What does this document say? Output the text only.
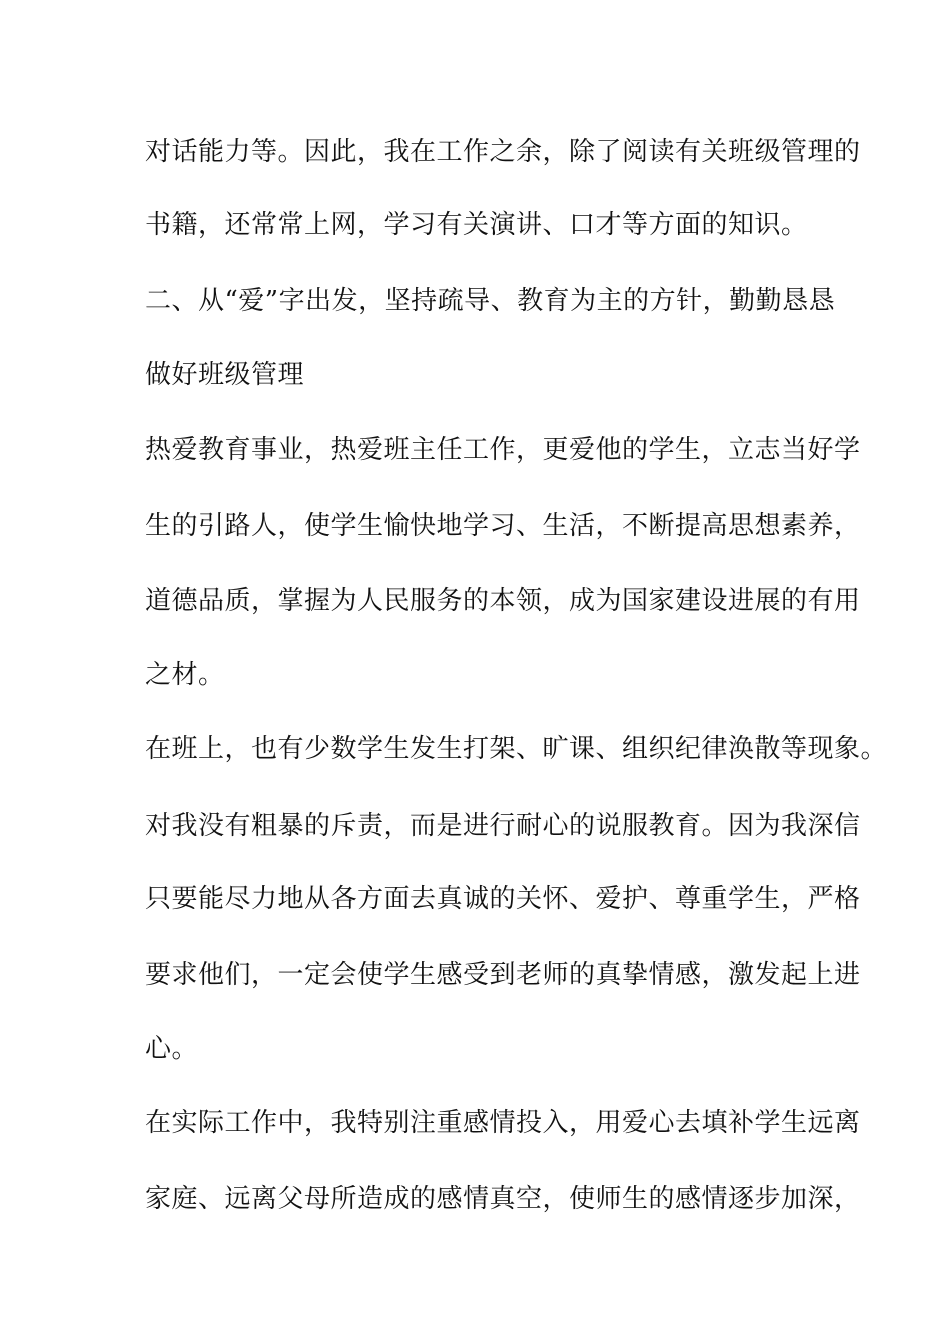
对话能力等。因此，我在工作之余，除了阅读有关班级管理的
书籍，还常常上网，学习有关演讲、口才等方面的知识。
二、从“爱”字出发，坚持疏导、教育为主的方针，勤勤恳恳
做好班级管理
热爱教育事业，热爱班主任工作，更爱他的学生，立志当好学
生的引路人，使学生愉快地学习、生活，不断提高思想素养，
道德品质，掌握为人民服务的本领，成为国家建设进展的有用
之材。
在班上，也有少数学生发生打架、旷课、组织纪律涣散等现象。
对我没有粗暴的斥责，而是进行耐心的说服教育。因为我深信
只要能尽力地从各方面去真诚的关怀、爱护、尊重学生，严格
要求他们，一定会使学生感受到老师的真挚情感，激发起上进
心。
在实际工作中，我特别注重感情投入，用爱心去填补学生远离
家庭、远离父母所造成的感情真空，使师生的感情逐步加深，
